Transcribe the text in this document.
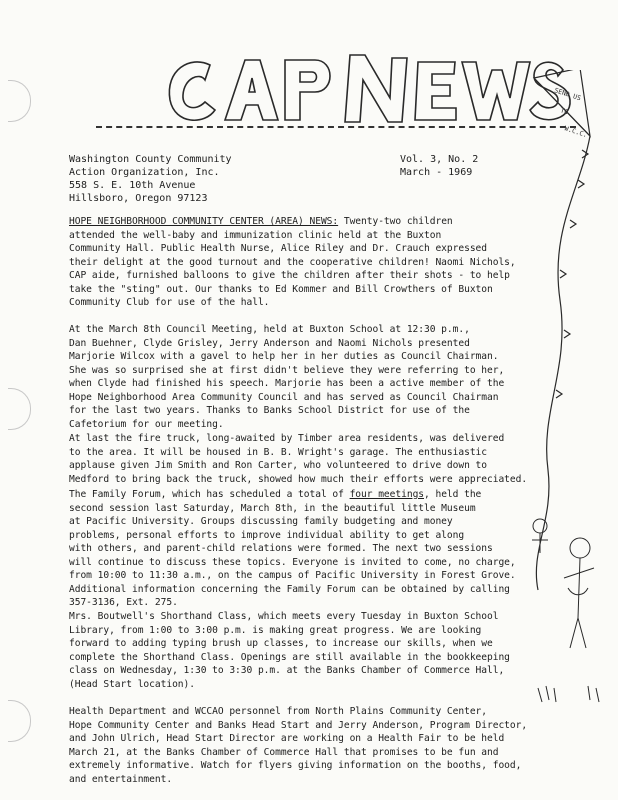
SEND US
TO
W.C.C.
Washington County Community
Action Organization, Inc.
558 S. E. 10th Avenue
Hillsboro, Oregon 97123
Vol. 3, No. 2
March - 1969
HOPE NEIGHBORHOOD COMMUNITY CENTER (AREA) NEWS: Twenty-two children
attended the well-baby and immunization clinic held at the Buxton
Community Hall. Public Health Nurse, Alice Riley and Dr. Crauch expressed
their delight at the good turnout and the cooperative children! Naomi Nichols,
CAP aide, furnished balloons to give the children after their shots - to help
take the "sting" out. Our thanks to Ed Kommer and Bill Crowthers of Buxton
Community Club for use of the hall.
At the March 8th Council Meeting, held at Buxton School at 12:30 p.m.,
Dan Buehner, Clyde Grisley, Jerry Anderson and Naomi Nichols presented
Marjorie Wilcox with a gavel to help her in her duties as Council Chairman.
She was so surprised she at first didn't believe they were referring to her,
when Clyde had finished his speech. Marjorie has been a active member of the
Hope Neighborhood Area Community Council and has served as Council Chairman
for the last two years. Thanks to Banks School District for use of the
Cafetorium for our meeting.
At last the fire truck, long-awaited by Timber area residents, was delivered
to the area. It will be housed in B. B. Wright's garage. The enthusiastic
applause given Jim Smith and Ron Carter, who volunteered to drive down to
Medford to bring back the truck, showed how much their efforts were appreciated.
The Family Forum, which has scheduled a total of four meetings, held the
second session last Saturday, March 8th, in the beautiful little Museum
at Pacific University. Groups discussing family budgeting and money
problems, personal efforts to improve individual ability to get along
with others, and parent-child relations were formed. The next two sessions
will continue to discuss these topics. Everyone is invited to come, no charge,
from 10:00 to 11:30 a.m., on the campus of Pacific University in Forest Grove.
Additional information concerning the Family Forum can be obtained by calling
357-3136, Ext. 275.
Mrs. Boutwell's Shorthand Class, which meets every Tuesday in Buxton School
Library, from 1:00 to 3:00 p.m. is making great progress. We are looking
forward to adding typing brush up classes, to increase our skills, when we
complete the Shorthand Class. Openings are still available in the bookkeeping
class on Wednesday, 1:30 to 3:30 p.m. at the Banks Chamber of Commerce Hall,
(Head Start location).
Health Department and WCCAO personnel from North Plains Community Center,
Hope Community Center and Banks Head Start and Jerry Anderson, Program Director,
and John Ulrich, Head Start Director are working on a Health Fair to be held
March 21, at the Banks Chamber of Commerce Hall that promises to be fun and
extremely informative. Watch for flyers giving information on the booths, food,
and entertainment.
